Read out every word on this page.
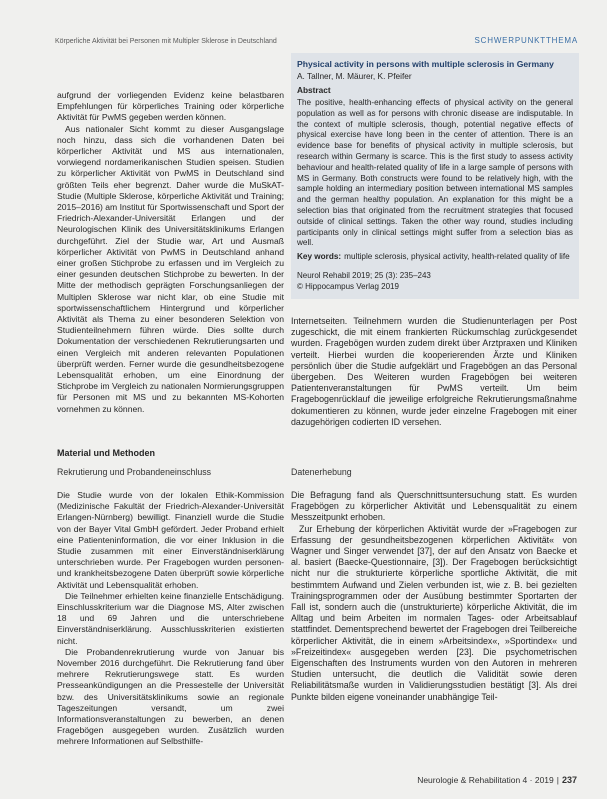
Körperliche Aktivität bei Personen mit Multipler Sklerose in Deutschland	SCHWERPUNKTTHEMA

aufgrund der vorliegenden Evidenz keine belastbaren Empfehlungen für körperliches Training oder körperliche Aktivität für PwMS gegeben werden können.

Aus nationaler Sicht kommt zu dieser Ausgangslage noch hinzu, dass sich die vorhandenen Daten bei körperlicher Aktivität und MS aus internationalen, vorwiegend nordamerikanischen Studien speisen. Studien zu körperlicher Aktivität von PwMS in Deutschland sind größten Teils eher begrenzt. Daher wurde die MuSkAT-Studie (Multiple Sklerose, körperliche Aktivität und Training; 2015–2016) am Institut für Sportwissenschaft und Sport der Friedrich-Alexander-Universität Erlangen und der Neurologischen Klinik des Universitätsklinikums Erlangen durchgeführt. Ziel der Studie war, Art und Ausmaß körperlicher Aktivität von PwMS in Deutschland anhand einer großen Stichprobe zu erfassen und im Vergleich zu einer gesunden deutschen Stichprobe zu bewerten. In der Mitte der methodisch geprägten Forschungsanliegen der Multiplen Sklerose war nicht klar, ob eine Studie mit sportwissenschaftlichem Hintergrund und körperlicher Aktivität als Thema zu einer besonderen Selektion von Studienteilnehmern führen würde. Dies sollte durch Dokumentation der verschiedenen Rekrutierungsarten und einen Vergleich mit anderen relevanten Populationen überprüft werden. Ferner wurde die gesundheitsbezogene Lebensqualität erhoben, um eine Einordnung der Stichprobe im Vergleich zu nationalen Normierungsgruppen für Personen mit MS und zu bekannten MS-Kohorten vornehmen zu können.

Material und Methoden
Rekrutierung und Probandeneinschluss

Die Studie wurde von der lokalen Ethik-Kommission (Medizinische Fakultät der Friedrich-Alexander-Universität Erlangen-Nürnberg) bewilligt. Finanziell wurde die Studie von der Bayer Vital GmbH gefördert. Jeder Proband erhielt eine Patienteninformation, die vor einer Inklusion in die Studie zusammen mit einer Einverständniserklärung unterschrieben wurde. Per Fragebogen wurden personen- und krankheitsbezogene Daten überprüft sowie körperliche Aktivität und Lebensqualität erhoben.

Die Teilnehmer erhielten keine finanzielle Entschädigung. Einschlusskriterium war die Diagnose MS, Alter zwischen 18 und 69 Jahren und die unterschriebene Einverständniserklärung. Ausschlusskriterien existierten nicht.

Die Probandenrekrutierung wurde von Januar bis November 2016 durchgeführt. Die Rekrutierung fand über mehrere Rekrutierungswege statt. Es wurden Presseankündigungen an die Pressestelle der Universität bzw. des Universitätsklinikums sowie an regionale Tageszeitungen versandt, um zwei Informationsveranstaltungen zu bewerben, an denen Fragebögen ausgegeben wurden. Zusätzlich wurden mehrere Informationen auf Selbsthilfe-

Physical activity in persons with multiple sclerosis in Germany
A. Tallner, M. Mäurer, K. Pfeifer
Abstract

The positive, health-enhancing effects of physical activity on the general population as well as for persons with chronic disease are indisputable. In the context of multiple sclerosis, though, potential negative effects of physical exercise have long been in the center of attention. There is an evidence base for benefits of physical activity in multiple sclerosis, but research within Germany is scarce. This is the first study to assess activity behaviour and health-related quality of life in a large sample of persons with MS in Germany. Both constructs were found to be relatively high, with the sample holding an intermediary position between international MS samples and the german healthy population. An explanation for this might be a selection bias that originated from the recruitment strategies that focused outside of clinical settings. Taken the other way round, studies including participants only in clinical settings might suffer from a selection bias as well.

Key words: multiple sclerosis, physical activity, health-related quality of life

Neurol Rehabil 2019; 25 (3): 235–243
© Hippocampus Verlag 2019

Internetseiten. Teilnehmern wurden die Studienunterlagen per Post zugeschickt, die mit einem frankierten Rückumschlag zurückgesendet wurden. Fragebögen wurden zudem direkt über Arztpraxen und Kliniken verteilt. Hierbei wurden die kooperierenden Ärzte und Kliniken persönlich über die Studie aufgeklärt und Fragebögen an das Personal übergeben. Des Weiteren wurden Fragebögen bei weiteren Patientenveranstaltungen für PwMS verteilt. Um beim Fragebogenrücklauf die jeweilige erfolgreiche Rekrutierungsmaßnahme dokumentieren zu können, wurde jeder einzelne Fragebogen mit einer dazugehörigen codierten ID versehen.

Datenerhebung

Die Befragung fand als Querschnittsuntersuchung statt. Es wurden Fragebögen zu körperlicher Aktivität und Lebensqualität zu einem Messzeitpunkt erhoben.

Zur Erhebung der körperlichen Aktivität wurde der »Fragebogen zur Erfassung der gesundheitsbezogenen körperlichen Aktivität« von Wagner und Singer verwendet [37], der auf den Ansatz von Baecke et al. basiert (Baecke-Questionnaire, [3]). Der Fragebogen berücksichtigt nicht nur die strukturierte körperliche sportliche Aktivität, die mit bestimmtem Aufwand und Zielen verbunden ist, wie z. B. bei gezielten Trainingsprogrammen oder der Ausübung bestimmter Sportarten der Fall ist, sondern auch die (unstrukturierte) körperliche Aktivität, die im Alltag und beim Arbeiten im normalen Tages- oder Arbeitsablauf stattfindet. Dementsprechend bewertet der Fragebogen drei Teilbereiche körperlicher Aktivität, die in einem »Arbeitsindex«, »Sportindex« und »Freizeitindex« ausgegeben werden [23]. Die psychometrischen Eigenschaften des Instruments wurden von den Autoren in mehreren Studien untersucht, die deutlich die Validität sowie deren Reliabilitätsmaße wurden in Validierungsstudien bestätigt [3]. Als drei Punkte bilden eigene voneinander unabhängige Teil-

Neurologie & Rehabilitation 4 · 2019 | 237
